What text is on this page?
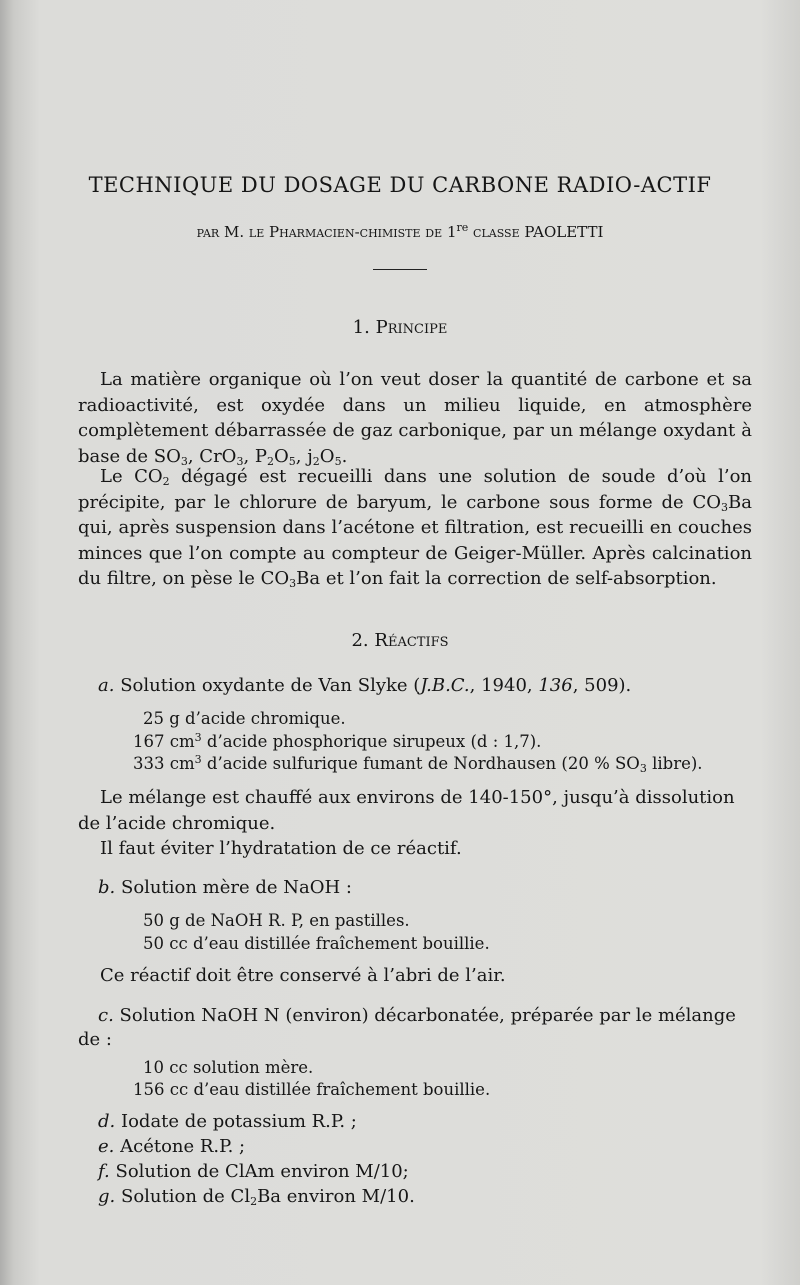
TECHNIQUE DU DOSAGE DU CARBONE RADIO-ACTIF
par M. le Pharmacien-chimiste de 1re classe PAOLETTI
1. Principe
La matière organique où l’on veut doser la quantité de carbone et sa radioactivité, est oxydée dans un milieu liquide, en atmosphère complètement débarrassée de gaz carbonique, par un mélange oxydant à base de $SO_3$, CrO$_3$, $P_2O_5$, $j_2O_5$.
Le $CO_2$ dégagé est recueilli dans une solution de soude d’où l’on précipite, par le chlorure de baryum, le carbone sous forme de $CO_3Ba$ qui, après suspension dans l’acétone et filtration, est recueilli en couches minces que l’on compte au compteur de Geiger-Müller. Après calcination du filtre, on pèse le $CO_3Ba$ et l’on fait la correction de self-absorption.
2. Réactifs
a. Solution oxydante de Van Slyke (J.B.C., 1940, 136, 509).
25 g d’acide chromique.
167 $cm^3$ d’acide phosphorique sirupeux (d : 1,7).
333 $cm^3$ d’acide sulfurique fumant de Nordhausen (20 % $SO_3$ libre).
Le mélange est chauffé aux environs de 140-150°, jusqu’à dissolution
de l’acide chromique.
Il faut éviter l’hydratation de ce réactif.
b. Solution mère de NaOH :
50 g de NaOH R. P, en pastilles.
50 cc d’eau distillée fraîchement bouillie.
Ce réactif doit être conservé à l’abri de l’air.
c. Solution NaOH N (environ) décarbonatée, préparée par le mélange
de :
10 cc solution mère.
156 cc d’eau distillée fraîchement bouillie.
d. Iodate de potassium R.P. ;
e. Acétone R.P. ;
f. Solution de ClAm environ M/10;
g. Solution de $Cl_2Ba$ environ M/10.
